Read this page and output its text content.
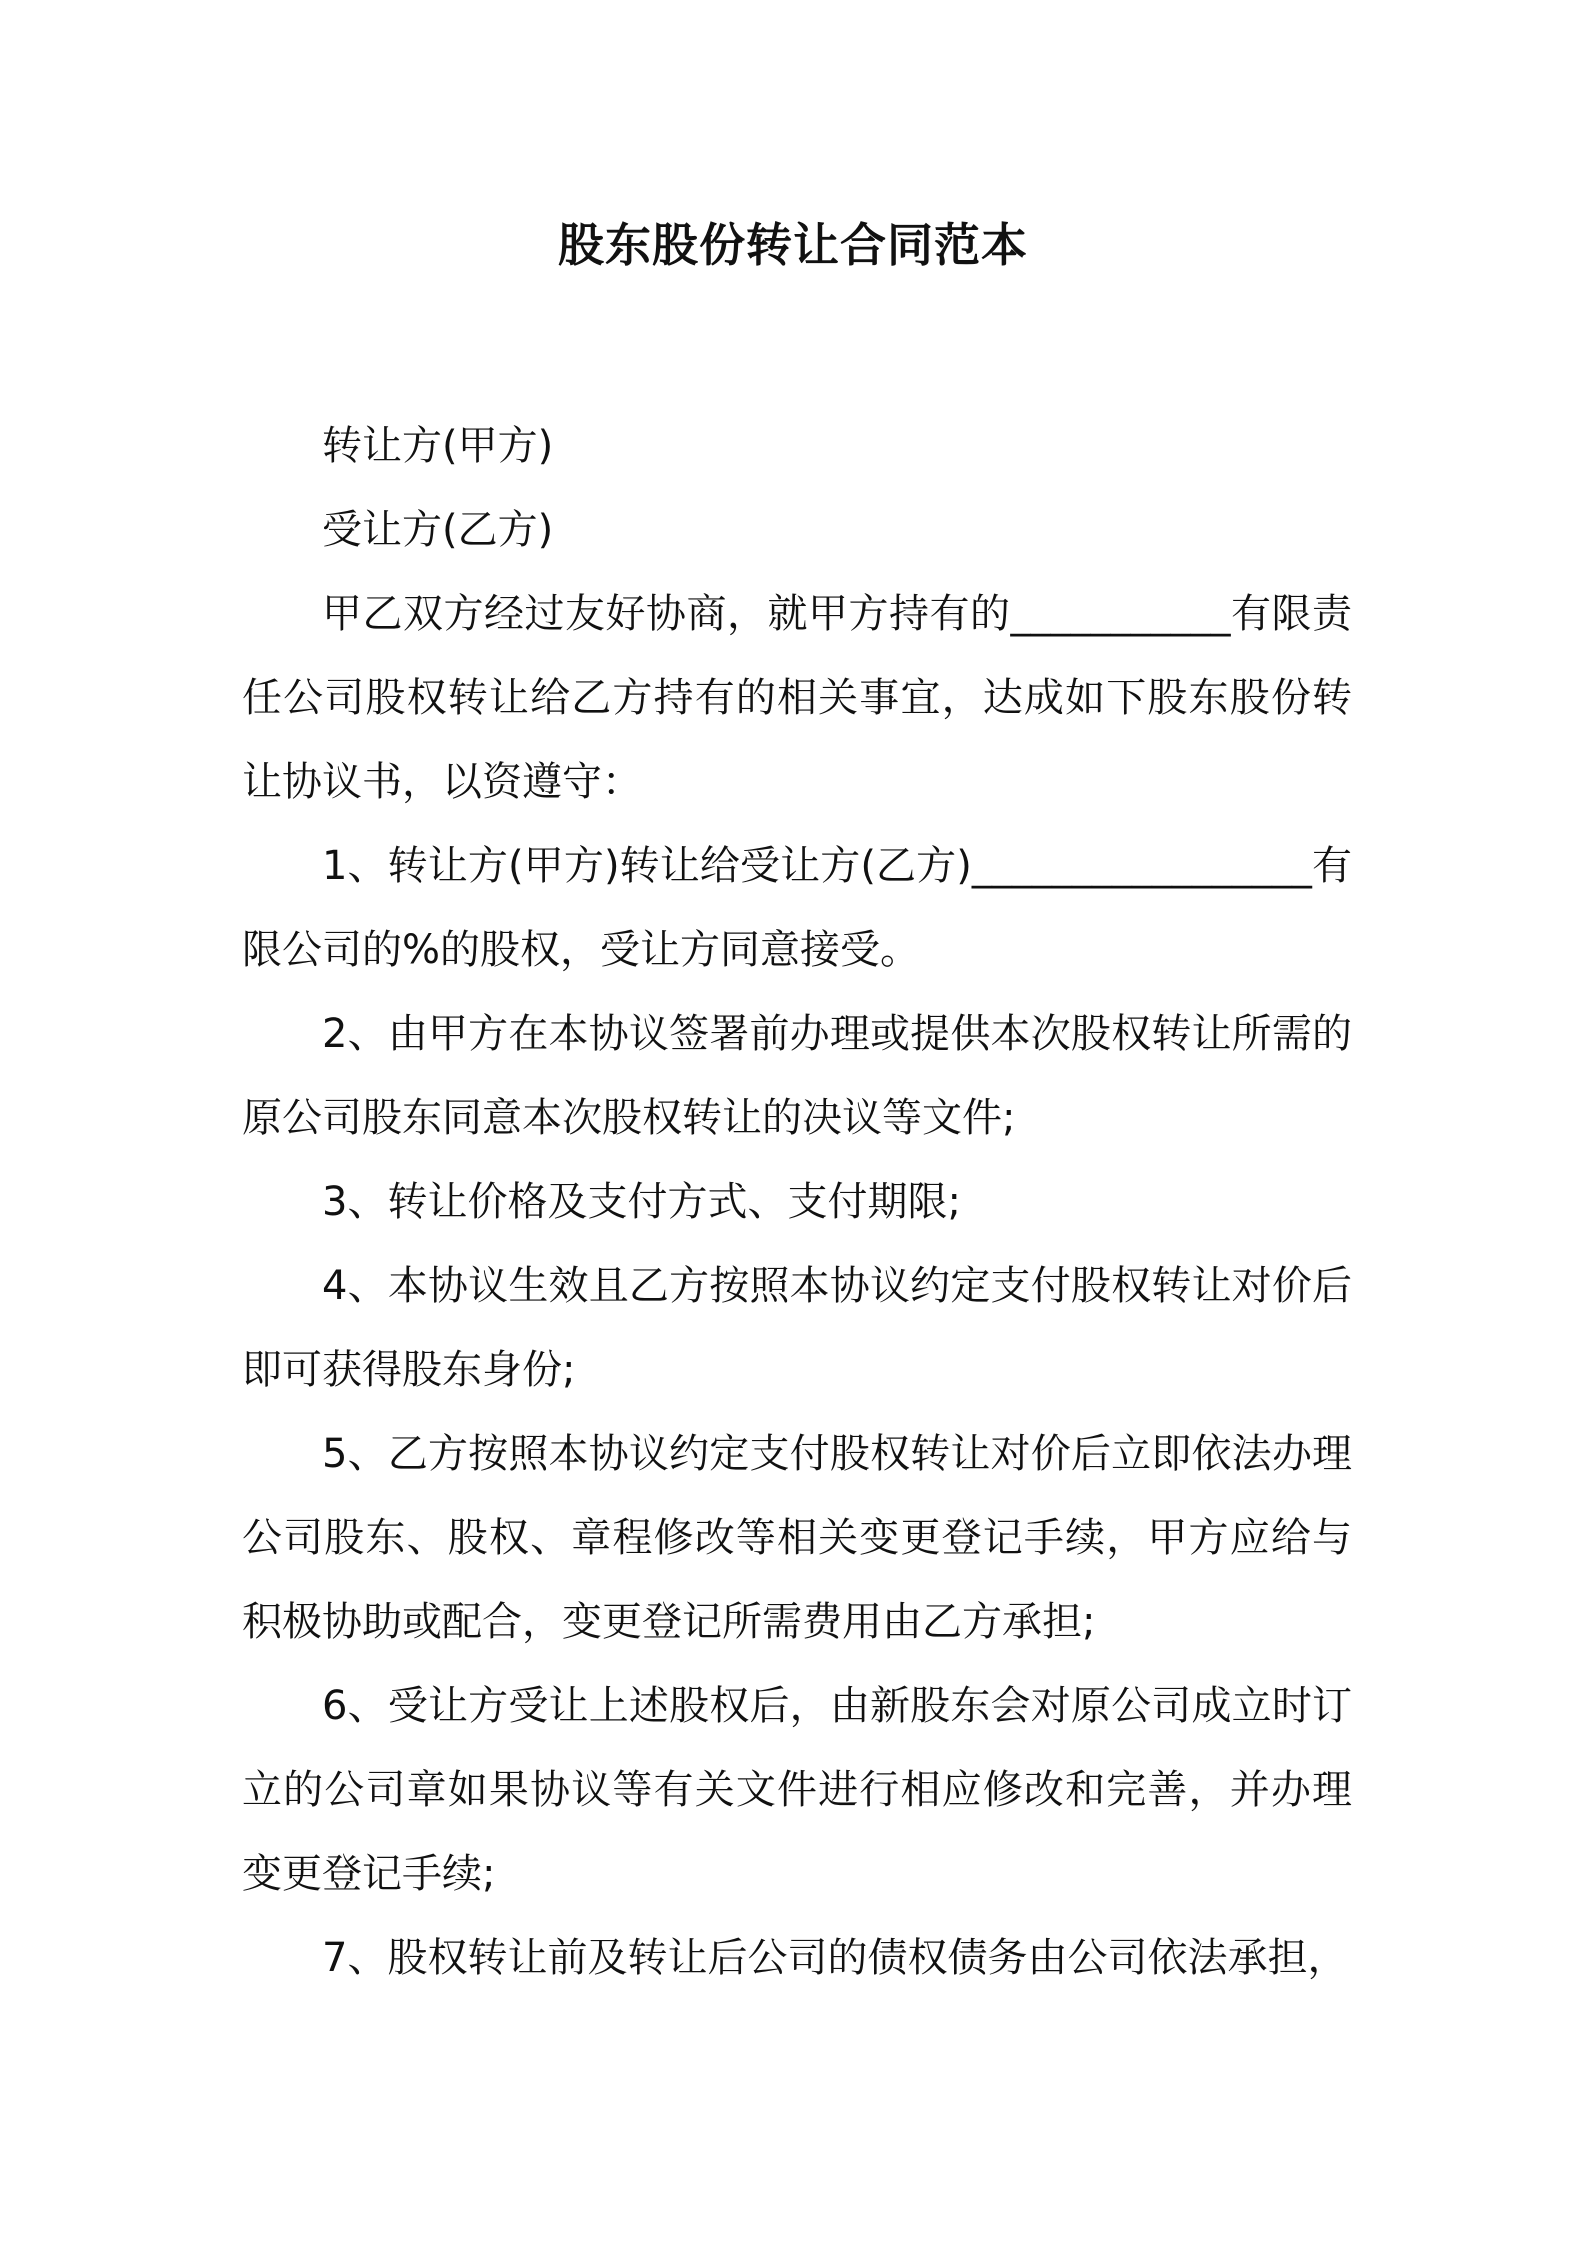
股东股份转让合同范本

转让方(甲方)

受让方(乙方)

甲乙双方经过友好协商，就甲方持有的___________有限责任公司股权转让给乙方持有的相关事宜，达成如下股东股份转让协议书，以资遵守：

1、转让方(甲方)转让给受让方(乙方)_________________有限公司的%的股权，受让方同意接受。

2、由甲方在本协议签署前办理或提供本次股权转让所需的原公司股东同意本次股权转让的决议等文件;

3、转让价格及支付方式、支付期限;

4、本协议生效且乙方按照本协议约定支付股权转让对价后即可获得股东身份;

5、乙方按照本协议约定支付股权转让对价后立即依法办理公司股东、股权、章程修改等相关变更登记手续，甲方应给与积极协助或配合，变更登记所需费用由乙方承担;

6、受让方受让上述股权后，由新股东会对原公司成立时订立的公司章如果协议等有关文件进行相应修改和完善，并办理变更登记手续;

7、股权转让前及转让后公司的债权债务由公司依法承担，
